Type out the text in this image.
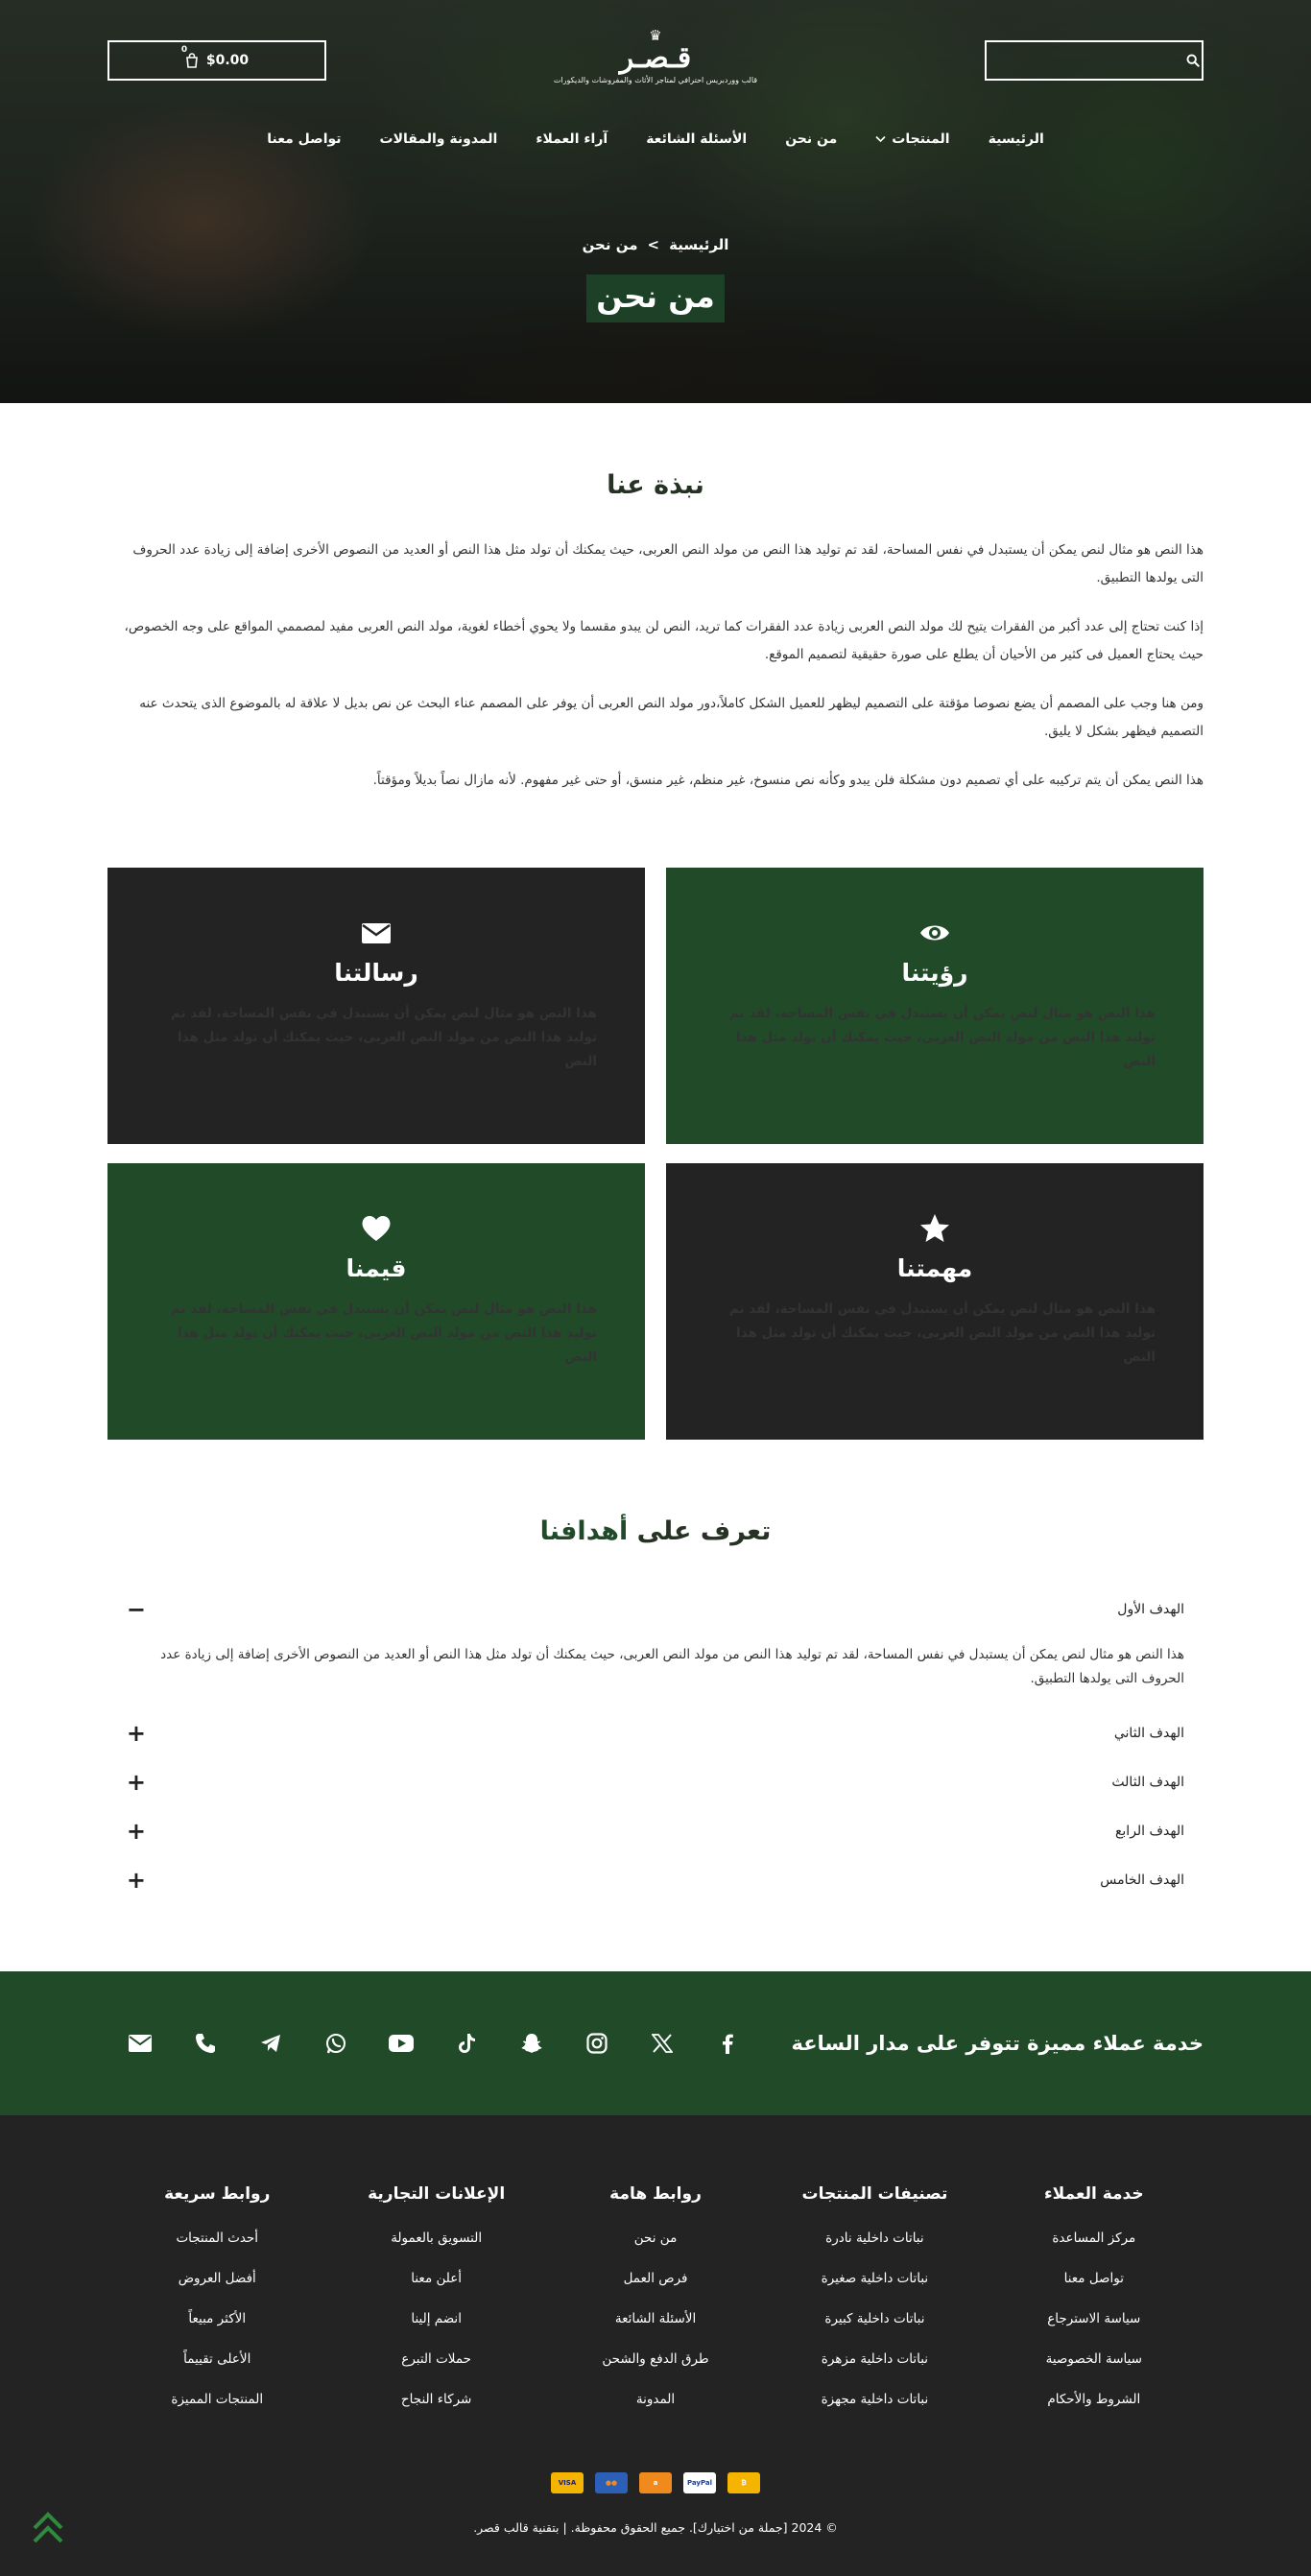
♛
قـصـر
قالب ووردبريس احترافي لمتاجر الأثاث والمفروشات والديكورات
0
$0.00
الرئيسية
المنتجات
من نحن
الأسئلة الشائعة
آراء العملاء
المدونة والمقالات
تواصل معنا
الرئيسية
>
من نحن
من نحن
نبذة عنا

هذا النص هو مثال لنص يمكن أن يستبدل في نفس المساحة، لقد تم توليد هذا النص من مولد النص العربى، حيث يمكنك أن تولد مثل هذا النص أو العديد من النصوص الأخرى إضافة إلى زيادة عدد الحروف التى يولدها التطبيق.

إذا كنت تحتاج إلى عدد أكبر من الفقرات يتيح لك مولد النص العربى زيادة عدد الفقرات كما تريد، النص لن يبدو مقسما ولا يحوي أخطاء لغوية، مولد النص العربى مفيد لمصممي المواقع على وجه الخصوص، حيث يحتاج العميل فى كثير من الأحيان أن يطلع على صورة حقيقية لتصميم الموقع.

ومن هنا وجب على المصمم أن يضع نصوصا مؤقتة على التصميم ليظهر للعميل الشكل كاملاً،دور مولد النص العربى أن يوفر على المصمم عناء البحث عن نص بديل لا علاقة له بالموضوع الذى يتحدث عنه التصميم فيظهر بشكل لا يليق.

هذا النص يمكن أن يتم تركيبه على أي تصميم دون مشكلة فلن يبدو وكأنه نص منسوخ، غير منظم، غير منسق، أو حتى غير مفهوم. لأنه مازال نصاً بديلاً ومؤقتاً.

رؤيتنا

هذا النص هو مثال لنص يمكن أن يستبدل في نفس المساحة، لقد تم توليد هذا النص من مولد النص العربى، حيث يمكنك أن تولد مثل هذا النص

رسالتنا

هذا النص هو مثال لنص يمكن أن يستبدل في نفس المساحة، لقد تم توليد هذا النص من مولد النص العربى، حيث يمكنك أن تولد مثل هذا النص

مهمتنا

هذا النص هو مثال لنص يمكن أن يستبدل في نفس المساحة، لقد تم توليد هذا النص من مولد النص العربى، حيث يمكنك أن تولد مثل هذا النص

قيمنا

هذا النص هو مثال لنص يمكن أن يستبدل في نفس المساحة، لقد تم توليد هذا النص من مولد النص العربى، حيث يمكنك أن تولد مثل هذا النص

تعرف على أهدافنا
الهدف الأول
−
هذا النص هو مثال لنص يمكن أن يستبدل في نفس المساحة، لقد تم توليد هذا النص من مولد النص العربى، حيث يمكنك أن تولد مثل هذا النص أو العديد من النصوص الأخرى إضافة إلى زيادة عدد الحروف التى يولدها التطبيق.
الهدف الثاني
+
الهدف الثالث
+
الهدف الرابع
+
الهدف الخامس
+
خدمة عملاء مميزة تتوفر على مدار الساعة
خدمة العملاء
مركز المساعدة
تواصل معنا
سياسة الاسترجاع
سياسة الخصوصية
الشروط والأحكام
تصنيفات المنتجات
نباتات داخلية نادرة
نباتات داخلية صغيرة
نباتات داخلية كبيرة
نباتات داخلية مزهرة
نباتات داخلية مجهزة
روابط هامة
من نحن
فرص العمل
الأسئلة الشائعة
طرق الدفع والشحن
المدونة
الإعلانات التجارية
التسويق بالعمولة
أعلن معنا
انضم إلينا
حملات التبرع
شركاء النجاح
روابط سريعة
أحدث المنتجات
أفضل العروض
الأكثر مبيعاً
الأعلى تقييماً
المنتجات المميزة
VISA	●●	a	PayPal	₿
© 2024 [جملة من اختيارك]. جميع الحقوق محفوظة. | بتقنية قالب قصر.
